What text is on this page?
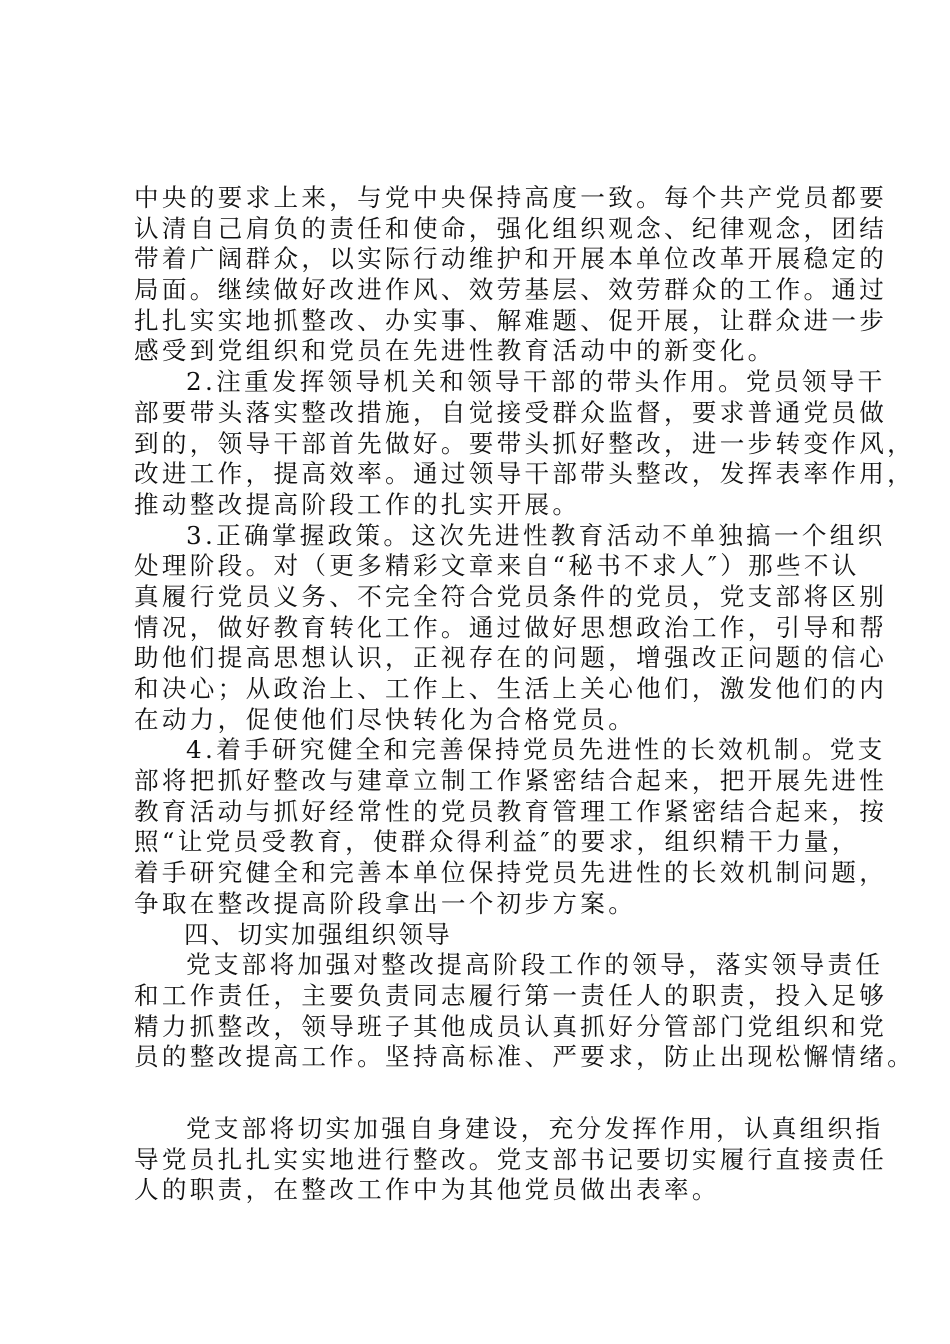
中央的要求上来，与党中央保持高度一致。每个共产党员都要
认清自己肩负的责任和使命，强化组织观念、纪律观念，团结
带着广阔群众，以实际行动维护和开展本单位改革开展稳定的
局面。继续做好改进作风、效劳基层、效劳群众的工作。通过
扎扎实实地抓整改、办实事、解难题、促开展，让群众进一步
感受到党组织和党员在先进性教育活动中的新变化。
2.注重发挥领导机关和领导干部的带头作用。党员领导干
部要带头落实整改措施，自觉接受群众监督，要求普通党员做
到的，领导干部首先做好。要带头抓好整改，进一步转变作风，
改进工作，提高效率。通过领导干部带头整改，发挥表率作用，
推动整改提高阶段工作的扎实开展。
3.正确掌握政策。这次先进性教育活动不单独搞一个组织
处理阶段。对（更多精彩文章来自“秘书不求人″）那些不认
真履行党员义务、不完全符合党员条件的党员，党支部将区别
情况，做好教育转化工作。通过做好思想政治工作，引导和帮
助他们提高思想认识，正视存在的问题，增强改正问题的信心
和决心；从政治上、工作上、生活上关心他们，激发他们的内
在动力，促使他们尽快转化为合格党员。
4.着手研究健全和完善保持党员先进性的长效机制。党支
部将把抓好整改与建章立制工作紧密结合起来，把开展先进性
教育活动与抓好经常性的党员教育管理工作紧密结合起来，按
照“让党员受教育，使群众得利益″的要求，组织精干力量，
着手研究健全和完善本单位保持党员先进性的长效机制问题，
争取在整改提高阶段拿出一个初步方案。
四、切实加强组织领导
党支部将加强对整改提高阶段工作的领导，落实领导责任
和工作责任，主要负责同志履行第一责任人的职责，投入足够
精力抓整改，领导班子其他成员认真抓好分管部门党组织和党
员的整改提高工作。坚持高标准、严要求，防止出现松懈情绪。
党支部将切实加强自身建设，充分发挥作用，认真组织指
导党员扎扎实实地进行整改。党支部书记要切实履行直接责任
人的职责，在整改工作中为其他党员做出表率。
